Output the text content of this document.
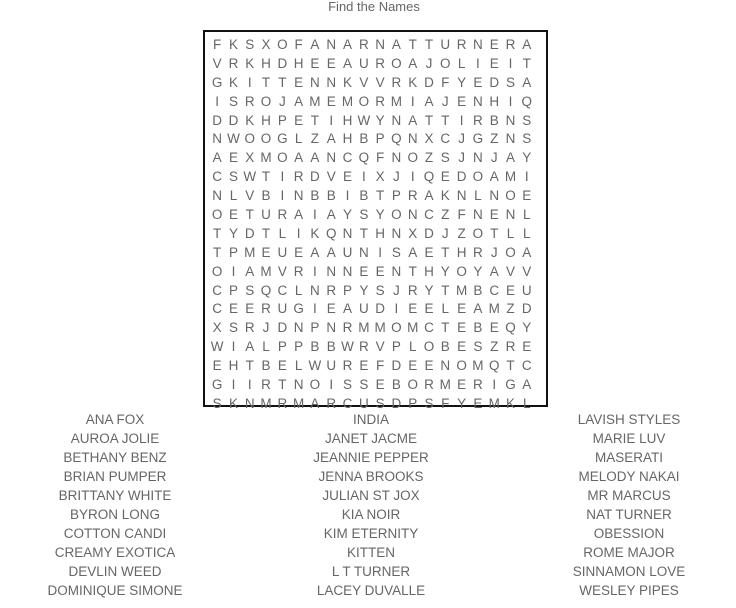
Find the Names
F K S X O F A N A R N A T T U R N E R A
V R K H D H E E A U R O A J O L I E I T
G K I T T E N N K V V R K D F Y E D S A
I S R O J A M E M O R M I A J E N H I Q
D D K H P E T I H W Y N A T T I R B N S
N W O O G L Z A H B P Q N X C J G Z N S
A E X M O A A N C Q F N O Z S J N J A Y
C S W T I R D V E I X J I Q E D O A M I
N L V B I N B B I B T P R A K N L N O E
O E T U R A I A Y S Y O N C Z F N E N L
T Y D T L I K Q N T H N X D J Z O T L L
T P M E U E A A U N I S A E T H R J O A
O I A M V R I N N E E N T H Y O Y A V V
C P S Q C L N R P Y S J R Y T M B C E U
C E E R U G I E A U D I E E L E A M Z D
X S R J D N P N R M M O M C T E B E Q Y
W I A L P P B B W R V P L O B E S Z R E
E H T B E L W U R E F D E E N O M Q T C
G I I R T N O I S S E B O R M E R I G A
S K N M R M A R C U S D P S F Y E M K L
ANA FOX
AUROA JOLIE
BETHANY BENZ
BRIAN PUMPER
BRITTANY WHITE
BYRON LONG
COTTON CANDI
CREAMY EXOTICA
DEVLIN WEED
DOMINIQUE SIMONE
INDIA
JANET JACME
JEANNIE PEPPER
JENNA BROOKS
JULIAN ST JOX
KIA NOIR
KIM ETERNITY
KITTEN
L T TURNER
LACEY DUVALLE
LAVISH STYLES
MARIE LUV
MASERATI
MELODY NAKAI
MR MARCUS
NAT TURNER
OBESSION
ROME MAJOR
SINNAMON LOVE
WESLEY PIPES
